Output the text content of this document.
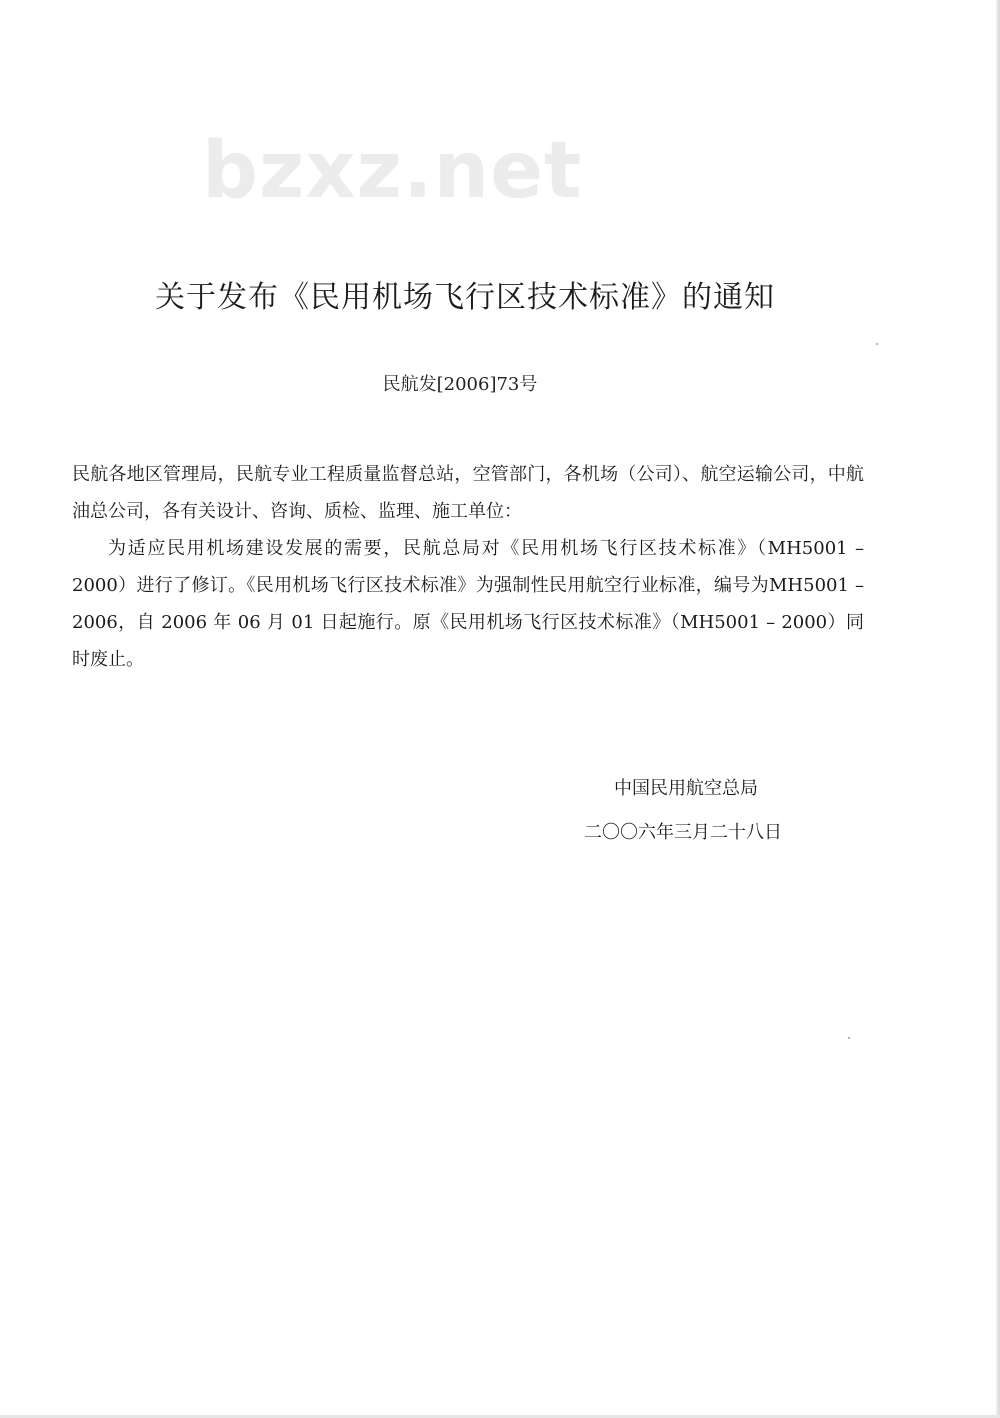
bzxz.net
关于发布《民用机场飞行区技术标准》的通知
民航发[2006]73号

民航各地区管理局，民航专业工程质量监督总站，空管部门，各机场（公司）、航空运输公司，中航油总公司，各有关设计、咨询、质检、监理、施工单位：

为适应民用机场建设发展的需要，民航总局对《民用机场飞行区技术标准》（MH5001 – 2000）进行了修订。《民用机场飞行区技术标准》为强制性民用航空行业标准，编号为MH5001 – 2006，自 2006 年 06 月 01 日起施行。原《民用机场飞行区技术标准》（MH5001 – 2000）同时废止。

中国民用航空总局
二〇〇六年三月二十八日
